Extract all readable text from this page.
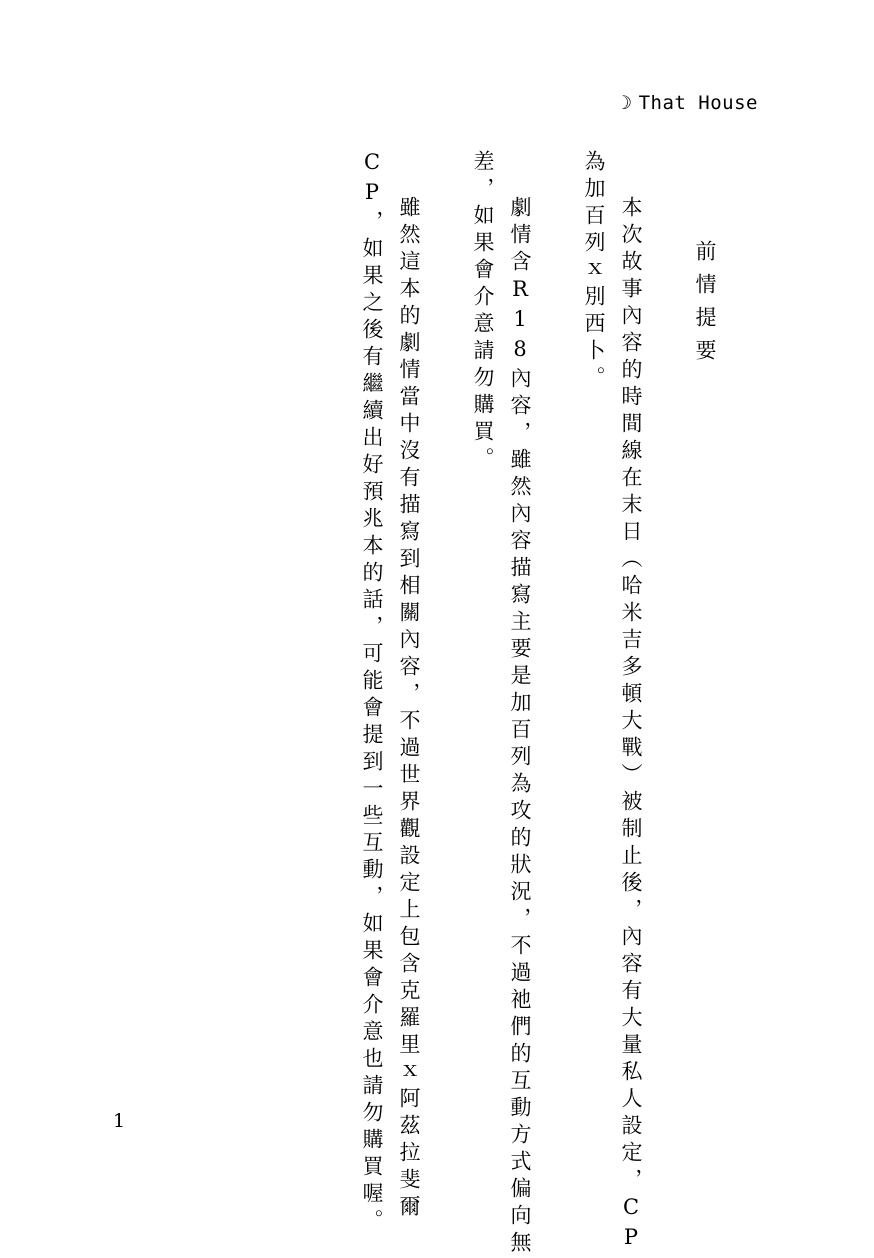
☽ That House
前情提要
本次故事內容的時間線在末日（哈米吉多頓大戰）被制止後，內容有大量私人設定，CP
為加百列ｘ別西卜。
劇情含R18內容，雖然內容描寫主要是加百列為攻的狀況，不過祂們的互動方式偏向無
差，如果會介意請勿購買。
雖然這本的劇情當中沒有描寫到相關內容，不過世界觀設定上包含克羅里ｘ阿茲拉斐爾
CP，如果之後有繼續出好預兆本的話，可能會提到一些互動，如果會介意也請勿購買喔。
1
